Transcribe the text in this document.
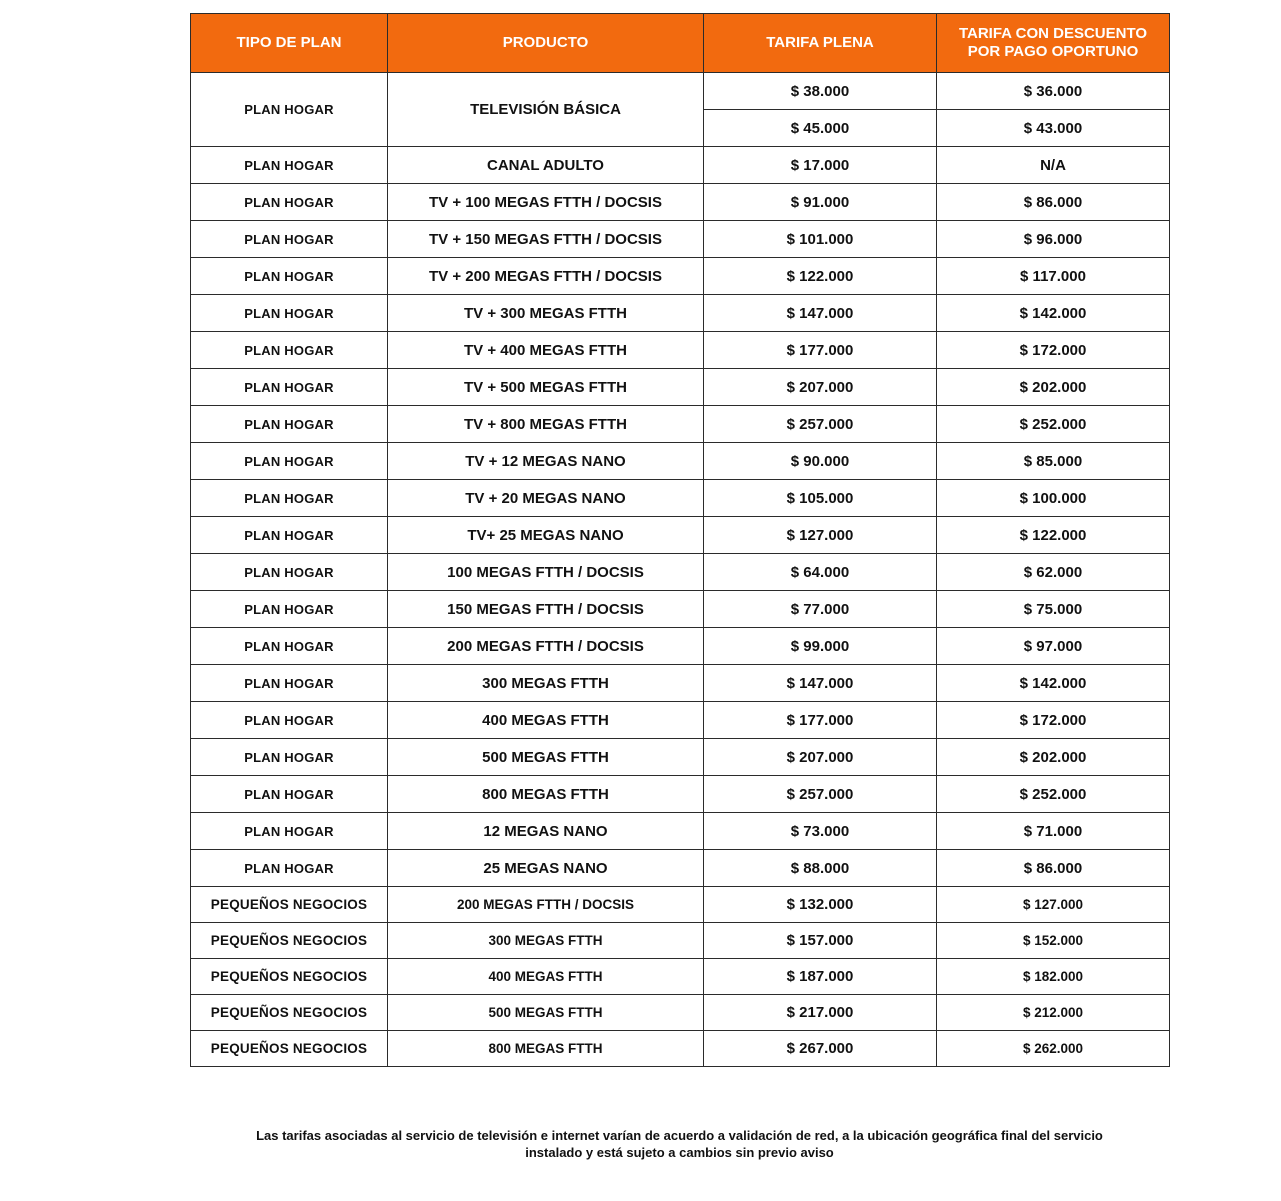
TIPO DE PLAN	PRODUCTO	TARIFA PLENA	TARIFA CON DESCUENTO
POR PAGO OPORTUNO
PLAN HOGAR	TELEVISIÓN BÁSICA	$ 38.000	$ 36.000
		$ 45.000	$ 43.000
PLAN HOGAR	CANAL ADULTO	$ 17.000	N/A
PLAN HOGAR	TV + 100 MEGAS FTTH / DOCSIS	$ 91.000	$ 86.000
PLAN HOGAR	TV + 150 MEGAS FTTH / DOCSIS	$ 101.000	$ 96.000
PLAN HOGAR	TV + 200 MEGAS FTTH / DOCSIS	$ 122.000	$ 117.000
PLAN HOGAR	TV + 300 MEGAS FTTH	$ 147.000	$ 142.000
PLAN HOGAR	TV + 400 MEGAS FTTH	$ 177.000	$ 172.000
PLAN HOGAR	TV + 500 MEGAS FTTH	$ 207.000	$ 202.000
PLAN HOGAR	TV + 800 MEGAS FTTH	$ 257.000	$ 252.000
PLAN HOGAR	TV + 12 MEGAS NANO	$ 90.000	$ 85.000
PLAN HOGAR	TV + 20 MEGAS NANO	$ 105.000	$ 100.000
PLAN HOGAR	TV+ 25 MEGAS NANO	$ 127.000	$ 122.000
PLAN HOGAR	100 MEGAS FTTH / DOCSIS	$ 64.000	$ 62.000
PLAN HOGAR	150 MEGAS FTTH / DOCSIS	$ 77.000	$ 75.000
PLAN HOGAR	200 MEGAS FTTH / DOCSIS	$ 99.000	$ 97.000
PLAN HOGAR	300 MEGAS FTTH	$ 147.000	$ 142.000
PLAN HOGAR	400 MEGAS FTTH	$ 177.000	$ 172.000
PLAN HOGAR	500 MEGAS FTTH	$ 207.000	$ 202.000
PLAN HOGAR	800 MEGAS FTTH	$ 257.000	$ 252.000
PLAN HOGAR	12 MEGAS NANO	$ 73.000	$ 71.000
PLAN HOGAR	25 MEGAS NANO	$ 88.000	$ 86.000
PEQUEÑOS NEGOCIOS	200 MEGAS FTTH / DOCSIS	$ 132.000	$ 127.000
PEQUEÑOS NEGOCIOS	300 MEGAS FTTH	$ 157.000	$ 152.000
PEQUEÑOS NEGOCIOS	400 MEGAS FTTH	$ 187.000	$ 182.000
PEQUEÑOS NEGOCIOS	500 MEGAS FTTH	$ 217.000	$ 212.000
PEQUEÑOS NEGOCIOS	800 MEGAS FTTH	$ 267.000	$ 262.000
Las tarifas asociadas al servicio de televisión e internet varían de acuerdo a validación de red, a la ubicación geográfica final del servicio
instalado y está sujeto a cambios sin previo aviso
